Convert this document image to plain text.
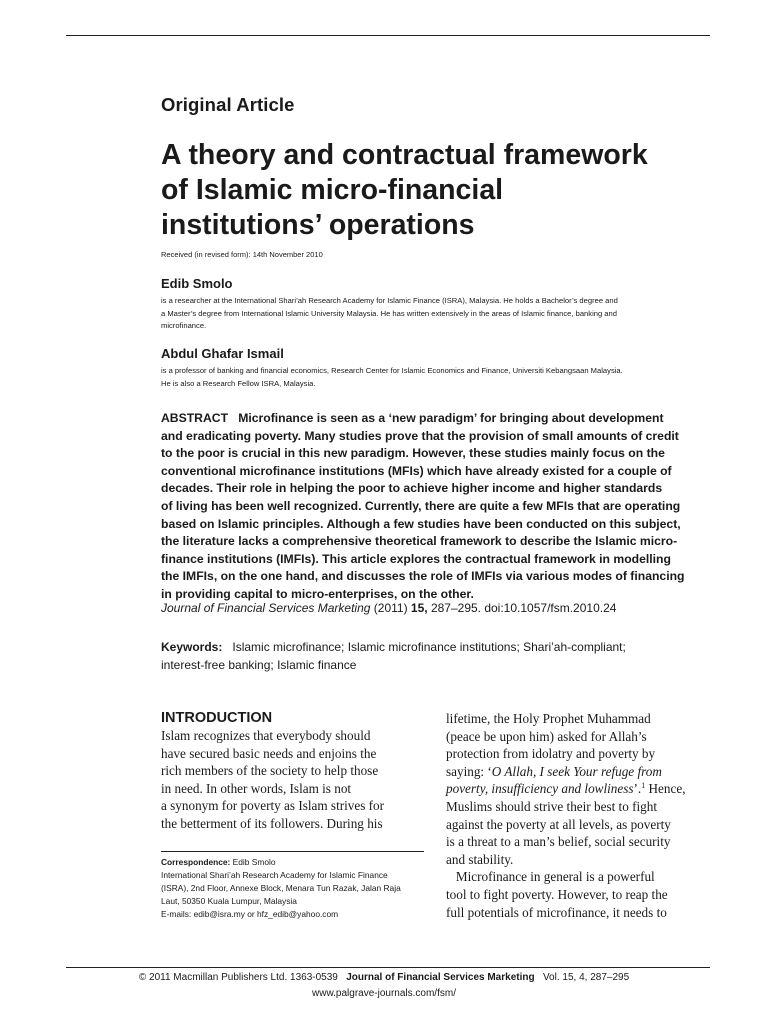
Original Article
A theory and contractual framework
of Islamic micro-financial
institutions’ operations
Received (in revised form): 14th November 2010
Edib Smolo
is a researcher at the International Shari’ah Research Academy for Islamic Finance (ISRA), Malaysia. He holds a Bachelor’s degree and
a Master’s degree from International Islamic University Malaysia. He has written extensively in the areas of Islamic finance, banking and
microfinance.
Abdul Ghafar Ismail
is a professor of banking and financial economics, Research Center for Islamic Economics and Finance, Universiti Kebangsaan Malaysia.
He is also a Research Fellow ISRA, Malaysia.
ABSTRACT Microfinance is seen as a ‘new paradigm’ for bringing about development
and eradicating poverty. Many studies prove that the provision of small amounts of credit
to the poor is crucial in this new paradigm. However, these studies mainly focus on the
conventional microfinance institutions (MFIs) which have already existed for a couple of
decades. Their role in helping the poor to achieve higher income and higher standards
of living has been well recognized. Currently, there are quite a few MFIs that are operating
based on Islamic principles. Although a few studies have been conducted on this subject,
the literature lacks a comprehensive theoretical framework to describe the Islamic micro-
finance institutions (IMFIs). This article explores the contractual framework in modelling
the IMFIs, on the one hand, and discusses the role of IMFIs via various modes of financing
in providing capital to micro-enterprises, on the other.
Journal of Financial Services Marketing (2011) 15, 287–295. doi:10.1057/fsm.2010.24
Keywords: Islamic microfinance; Islamic microfinance institutions; Shari’ah-compliant;
interest-free banking; Islamic finance
INTRODUCTION
Islam recognizes that everybody should
have secured basic needs and enjoins the
rich members of the society to help those
in need. In other words, Islam is not
a synonym for poverty as Islam strives for
the betterment of its followers. During his
lifetime, the Holy Prophet Muhammad
(peace be upon him) asked for Allah’s
protection from idolatry and poverty by
saying: ‘O Allah, I seek Your refuge from
poverty, insufficiency and lowliness’.$^1$ Hence,
Muslims should strive their best to fight
against the poverty at all levels, as poverty
is a threat to a man’s belief, social security
and stability.
Microfinance in general is a powerful
tool to fight poverty. However, to reap the
full potentials of microfinance, it needs to
Correspondence: Edib Smolo
International Shari’ah Research Academy for Islamic Finance
(ISRA), 2nd Floor, Annexe Block, Menara Tun Razak, Jalan Raja
Laut, 50350 Kuala Lumpur, Malaysia
E-mails: edib@isra.my or hfz_edib@yahoo.com
© 2011 Macmillan Publishers Ltd. 1363-0539 Journal of Financial Services Marketing Vol. 15, 4, 287–295
www.palgrave-journals.com/fsm/
